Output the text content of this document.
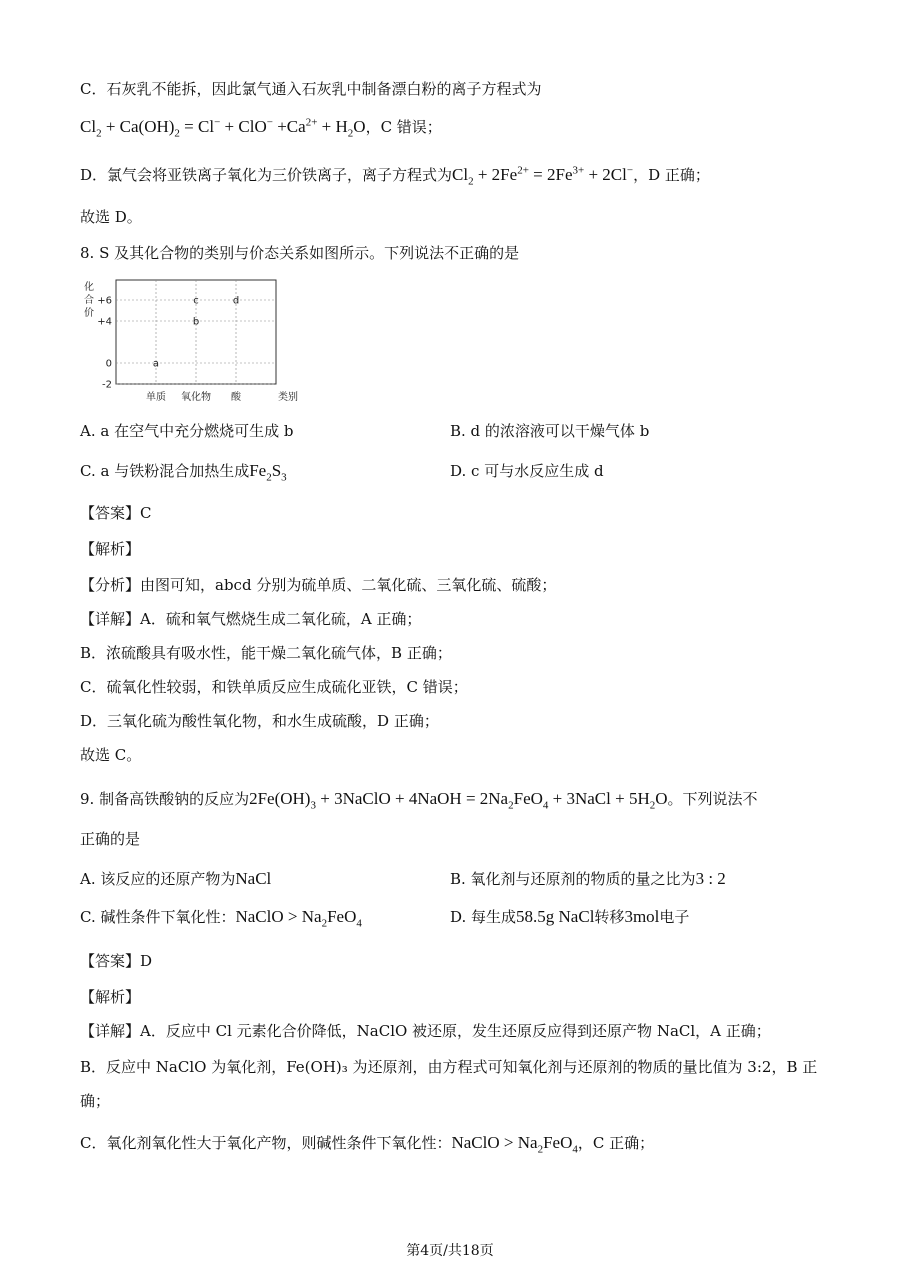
C．石灰乳不能拆，因此氯气通入石灰乳中制备漂白粉的离子方程式为
$Cl_2 + Ca(OH)_2 = Cl^- + ClO^- +Ca^{2+} + H_2O$，C 错误；
D．氯气会将亚铁离子氧化为三价铁离子，离子方程式为$Cl_2 + 2Fe^{2+} = 2Fe^{3+} + 2Cl^-$，D 正确；
故选 D。
8. S 及其化合物的类别与价态关系如图所示。下列说法不正确的是
化
合
价
+6
+4
0
-2
单质 氧化物 酸
a
b
c	d
类别
A. a 在空气中充分燃烧可生成 b	B. d 的浓溶液可以干燥气体 b
C. a 与铁粉混合加热生成$Fe_2S_3$	D. c 可与水反应生成 d
【答案】C
【解析】
【分析】由图可知，abcd 分别为硫单质、二氧化硫、三氧化硫、硫酸；
【详解】A．硫和氧气燃烧生成二氧化硫，A 正确；
B．浓硫酸具有吸水性，能干燥二氧化硫气体，B 正确；
C．硫氧化性较弱，和铁单质反应生成硫化亚铁，C 错误；
D．三氧化硫为酸性氧化物，和水生成硫酸，D 正确；
故选 C。
9. 制备高铁酸钠的反应为$2Fe(OH)_3$ + 3NaClO + 4NaOH = $2Na_2FeO_4$ + 3NaCl + $5H_2O$。下列说法不
正确的是
A. 该反应的还原产物为NaCl	B. 氧化剂与还原剂的物质的量之比为3 : 2
C. 碱性条件下氧化性：NaClO > $Na_2FeO_4$	D. 每生成58.5g NaCl转移3mol电子
【答案】D
【解析】
【详解】A．反应中 Cl 元素化合价降低，NaClO 被还原，发生还原反应得到还原产物 NaCl，A 正确；
B．反应中 NaClO 为氧化剂，Fe(OH)₃ 为还原剂，由方程式可知氧化剂与还原剂的物质的量比值为 3:2，B 正
确；
C．氧化剂氧化性大于氧化产物，则碱性条件下氧化性：NaClO > $Na_2FeO_4$，C 正确；
第4页/共18页
